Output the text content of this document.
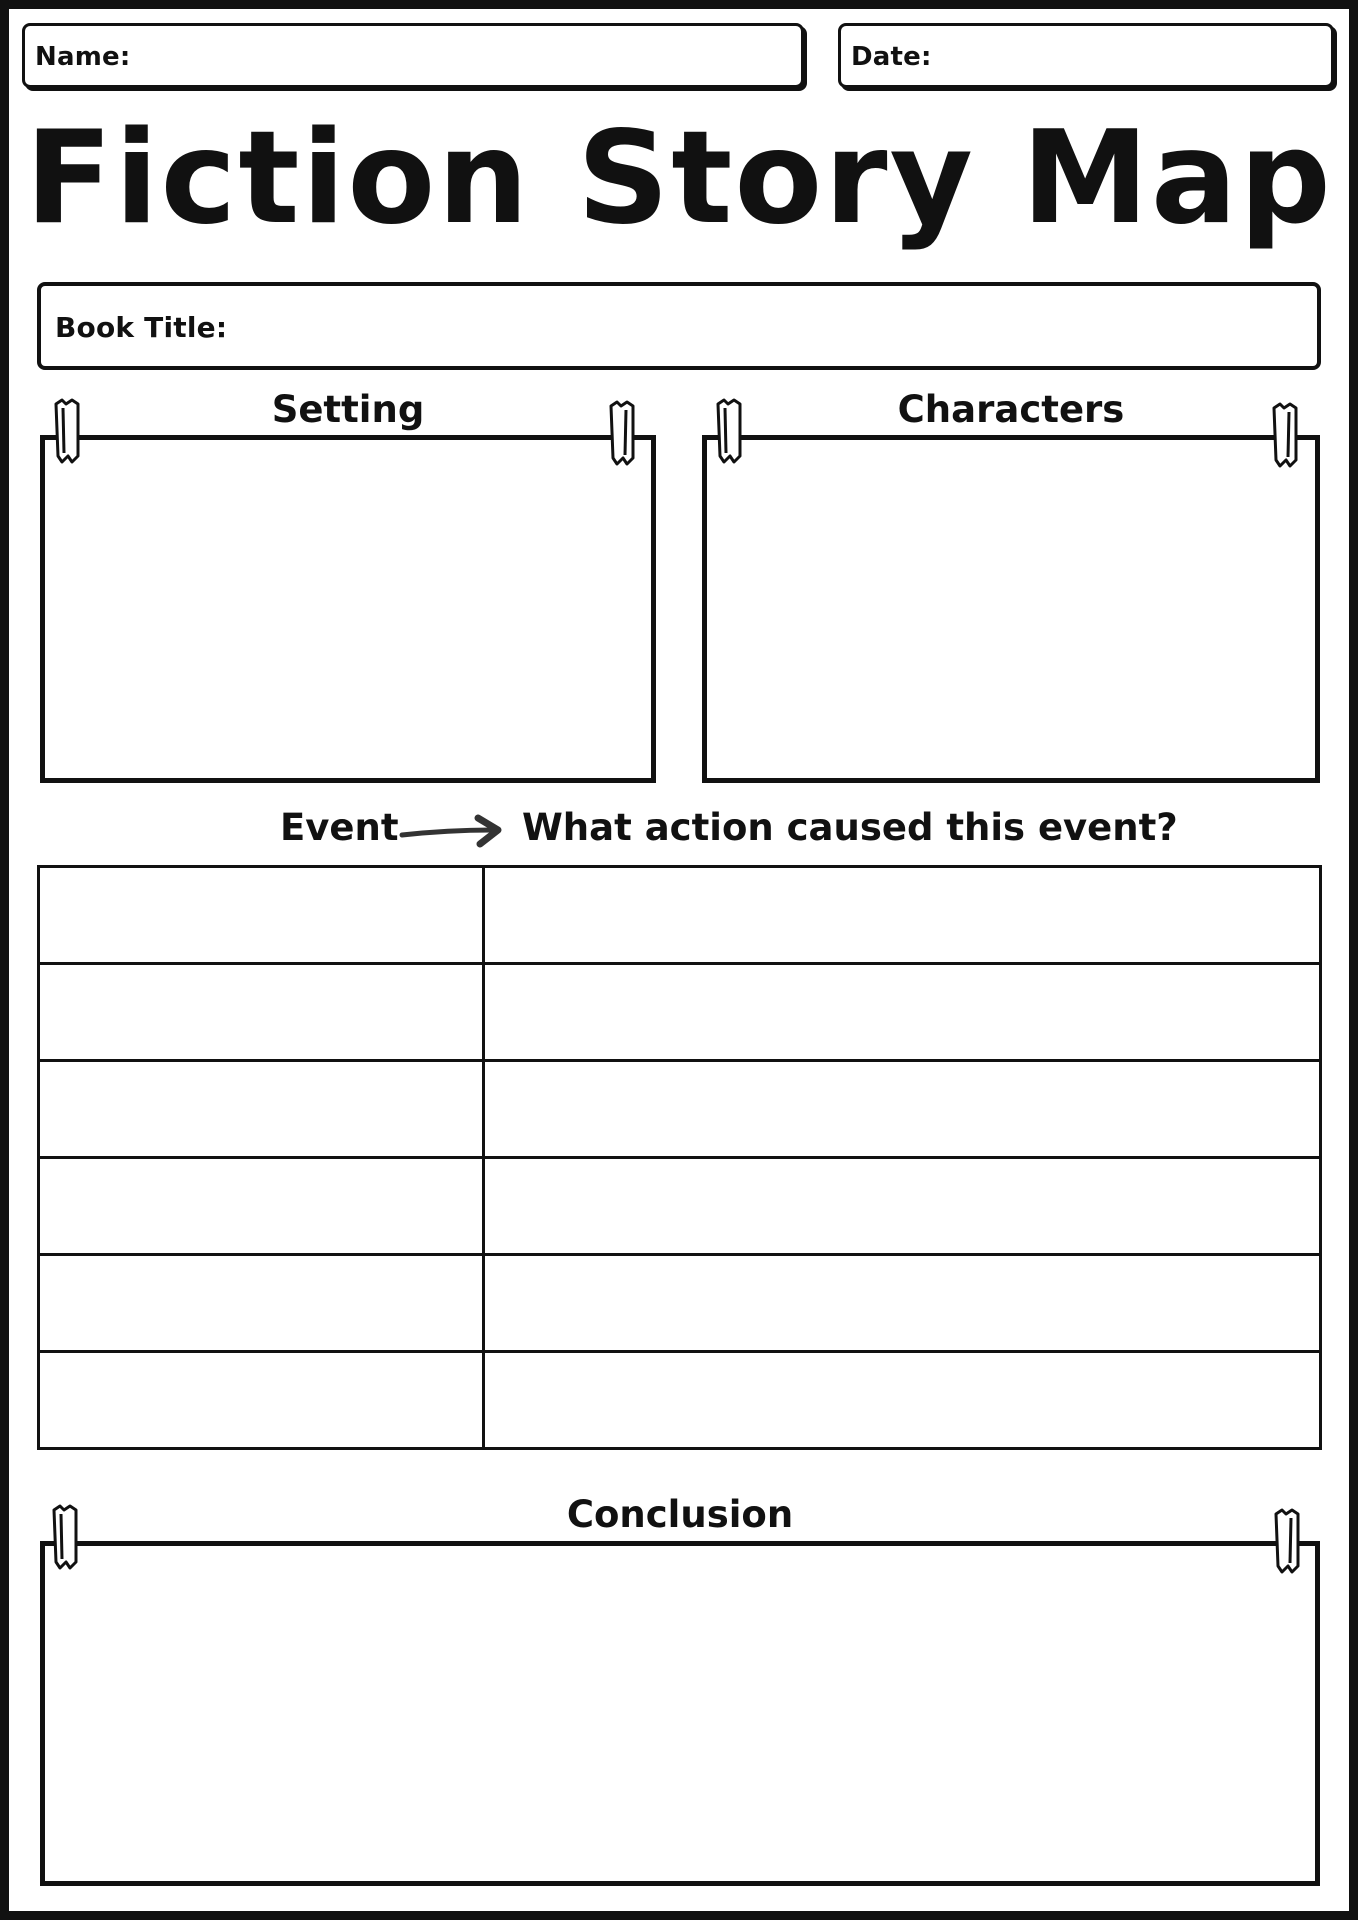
Name:	Date:
Fiction Story Map
Book Title:
Setting	Characters
Event	What action caused this event?

Conclusion
